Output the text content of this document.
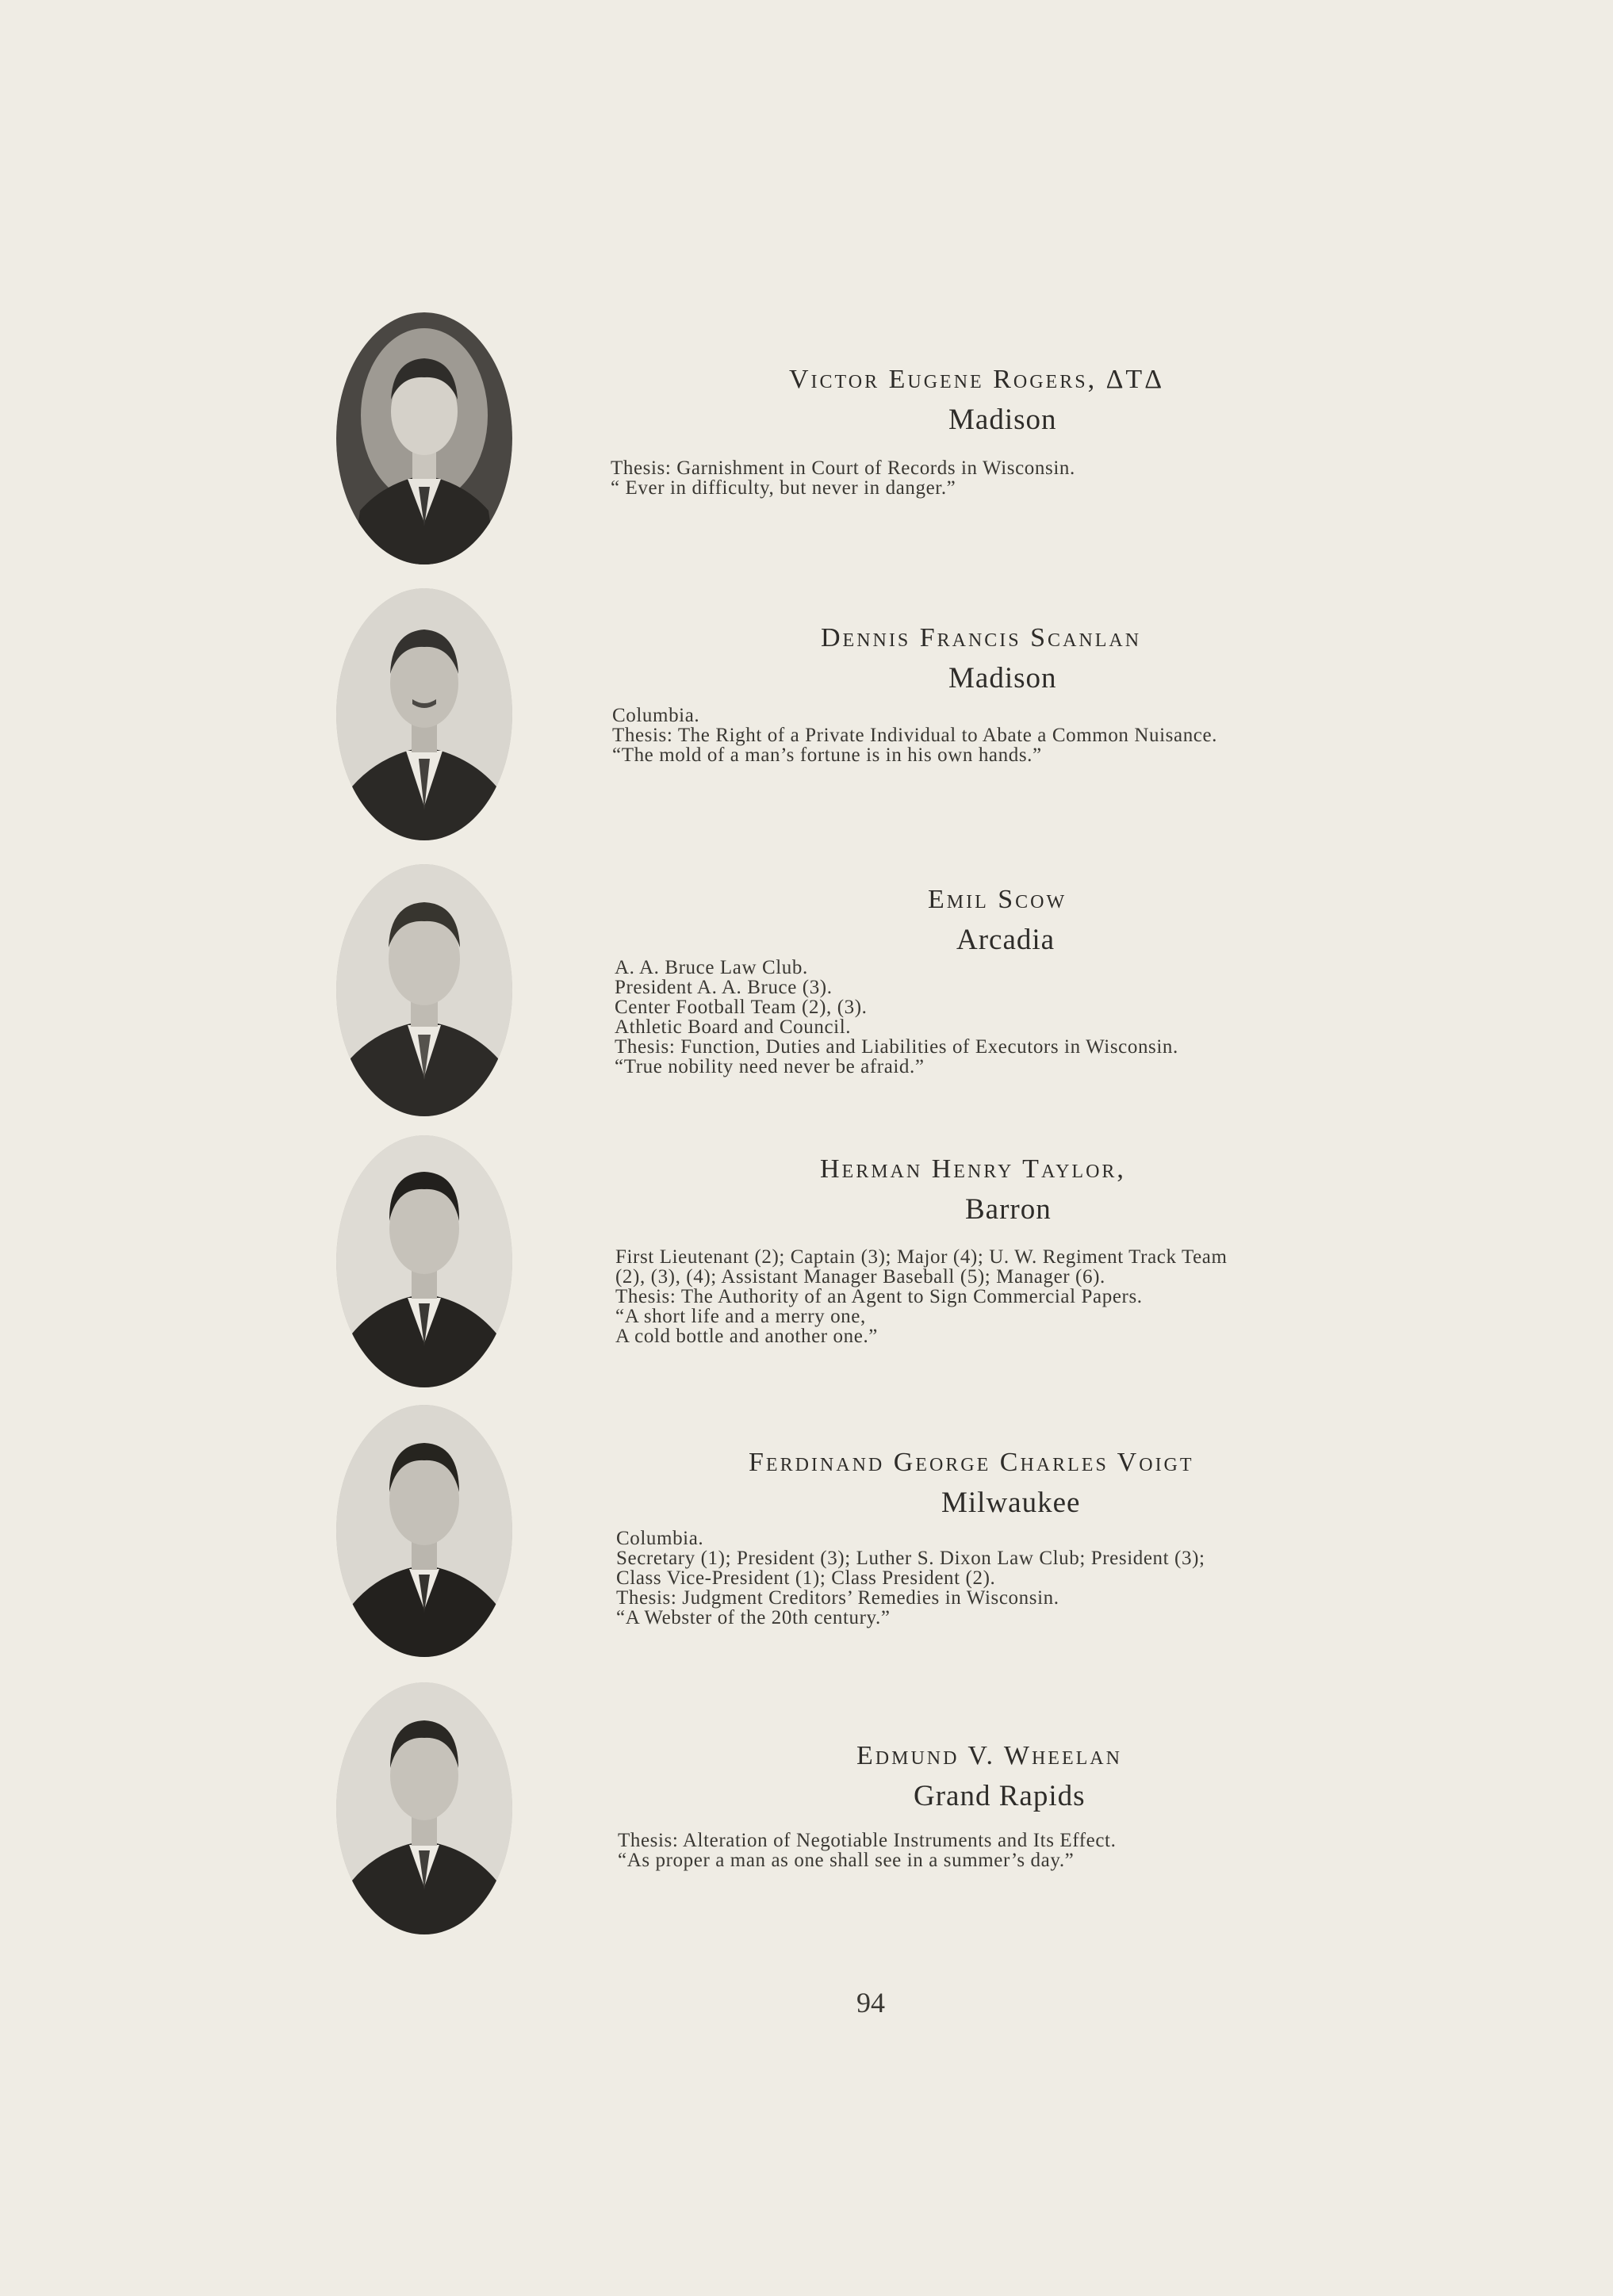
Victor Eugene Rogers, ΔTΔ
Madison
Thesis: Garnishment in Court of Records in Wisconsin.
“ Ever in difficulty, but never in danger.”
Dennis Francis Scanlan
Madison
Columbia.
Thesis: The Right of a Private Individual to Abate a Common Nuisance.
“The mold of a man’s fortune is in his own hands.”
Emil Scow
Arcadia
A. A. Bruce Law Club.
President A. A. Bruce (3).
Center Football Team (2), (3).
Athletic Board and Council.
Thesis: Function, Duties and Liabilities of Executors in Wisconsin.
“True nobility need never be afraid.”
Herman Henry Taylor,
Barron
First Lieutenant (2); Captain (3); Major (4); U. W. Regiment Track Team
(2), (3), (4); Assistant Manager Baseball (5); Manager (6).
Thesis: The Authority of an Agent to Sign Commercial Papers.
“A short life and a merry one,
A cold bottle and another one.”
Ferdinand George Charles Voigt
Milwaukee
Columbia.
Secretary (1); President (3); Luther S. Dixon Law Club; President (3);
Class Vice-President (1); Class President (2).
Thesis: Judgment Creditors’ Remedies in Wisconsin.
“A Webster of the 20th century.”
Edmund V. Wheelan
Grand Rapids
Thesis: Alteration of Negotiable Instruments and Its Effect.
“As proper a man as one shall see in a summer’s day.”
94
